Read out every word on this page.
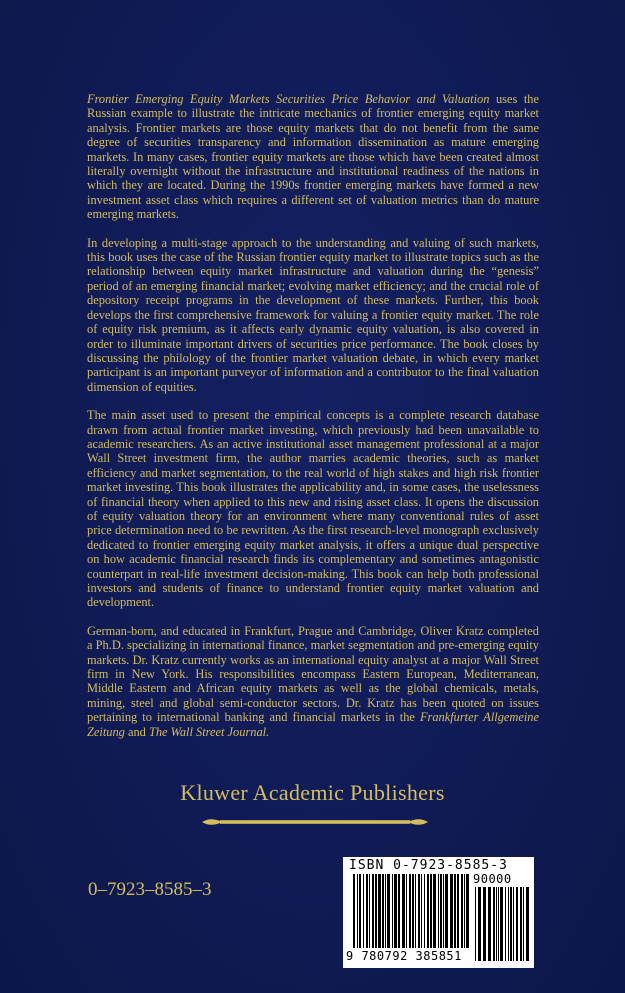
Frontier Emerging Equity Markets Securities Price Behavior and Valuation uses the Russian example to illustrate the intricate mechanics of frontier emerging equity market analysis. Frontier markets are those equity markets that do not benefit from the same degree of securities transparency and information dissemination as mature emerging markets. In many cases, frontier equity markets are those which have been created almost literally overnight without the infrastructure and institutional readiness of the nations in which they are located. During the 1990s frontier emerging markets have formed a new investment asset class which requires a different set of valuation metrics than do mature emerging markets.

In developing a multi-stage approach to the understanding and valuing of such markets, this book uses the case of the Russian frontier equity market to illustrate topics such as the relationship between equity market infrastructure and valuation during the “genesis” period of an emerging financial market; evolving market efficiency; and the crucial role of depository receipt programs in the development of these markets. Further, this book develops the first comprehensive framework for valuing a frontier equity market. The role of equity risk premium, as it affects early dynamic equity valuation, is also covered in order to illuminate important drivers of securities price performance. The book closes by discussing the philology of the frontier market valuation debate, in which every market participant is an important purveyor of information and a contributor to the final valuation dimension of equities.

The main asset used to present the empirical concepts is a complete research database drawn from actual frontier market investing, which previously had been unavailable to academic researchers. As an active institutional asset management professional at a major Wall Street investment firm, the author marries academic theories, such as market efficiency and market segmentation, to the real world of high stakes and high risk frontier market investing. This book illustrates the applicability and, in some cases, the uselessness of financial theory when applied to this new and rising asset class. It opens the discussion of equity valuation theory for an environment where many conventional rules of asset price determination need to be rewritten. As the first research-level monograph exclusively dedicated to frontier emerging equity market analysis, it offers a unique dual perspective on how academic financial research finds its complementary and sometimes antagonistic counterpart in real-life investment decision-making. This book can help both professional investors and students of finance to understand frontier equity market valuation and development.

German-born, and educated in Frankfurt, Prague and Cambridge, Oliver Kratz completed a Ph.D. specializing in international finance, market segmentation and pre-emerging equity markets. Dr. Kratz currently works as an international equity analyst at a major Wall Street firm in New York. His responsibilities encompass Eastern European, Mediterranean, Middle Eastern and African equity markets as well as the global chemicals, metals, mining, steel and global semi-conductor sectors. Dr. Kratz has been quoted on issues pertaining to international banking and financial markets in the Frankfurter Allgemeine Zeitung and The Wall Street Journal.

Kluwer Academic Publishers
0–7923–8585–3
ISBN 0-7923-8585-3
90000
9 780792 385851
